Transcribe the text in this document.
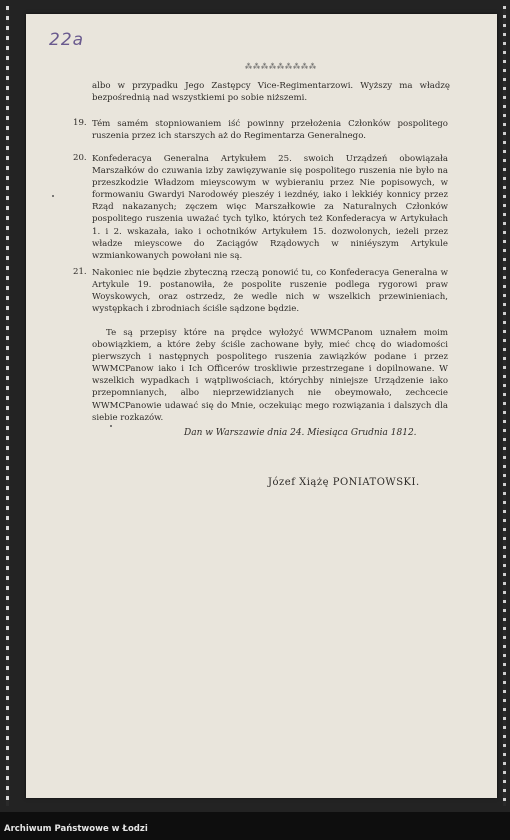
22a
⁂⁂⁂⁂⁂⁂⁂⁂⁂
albo w przypadku Jego Zastępcy Vice-Regimentarzowi. Wyższy ma władzę bezpośrednią nad wszystkiemi po sobie niższemi.
19. Tém samém stopniowaniem iść powinny przełożenia Członków pospolitego ruszenia przez ich starszych aż do Regimentarza Generalnego.
20. Konfederacya Generalna Artykułem 25. swoich Urządzeń obowiązała Marszałków do czuwania izby zawięzywanie się pospolitego ruszenia nie było na przeszkodzie Władzom mieyscowym w wybieraniu przez Nie popisowych, w formowaniu Gwardyi Narodowéy pieszéy i iezdnéy, iako i lekkiéy konnicy przez Rząd nakazanych; zęczem więc Marszałkowie za Naturalnych Członków pospolitego ruszenia uważać tych tylko, których też Konfederacya w Artykułach 1. i 2. wskazała, iako i ochotników Artykułem 15. dozwolonych, ieżeli przez władze mieyscowe do Zaciągów Rządowych w niniéyszym Artykule wzmiankowanych powołani nie są.
21. Nakoniec nie będzie zbyteczną rzeczą ponowić tu, co Konfederacya Generalna w Artykule 19. postanowiła, że pospolite ruszenie podlega rygorowi praw Woyskowych, oraz ostrzedz, że wedle nich w wszelkich przewinieniach, występkach i zbrodniach ściśle sądzone będzie.
Te są przepisy które na prędce wyłożyć WWMCPanom uznałem moim obowiązkiem, a które żeby ściśle zachowane były, mieć chcę do wiadomości pierwszych i następnych pospolitego ruszenia zawiązków podane i przez WWMCPanow iako i Ich Officerów troskliwie przestrzegane i dopilnowane. W wszelkich wypadkach i wątpliwościach, którychby niniejsze Urządzenie iako przepomnianych, albo nieprzewidzianych nie obeymowało, zechcecie WWMCPanowie udawać się do Mnie, oczekuiąc mego rozwiązania i dalszych dla siebie rozkazów.
Dan w Warszawie dnia 24. Miesiąca Grudnia 1812.
Józef Xiążę PONIATOWSKI.
Archiwum Państwowe w Łodzi
